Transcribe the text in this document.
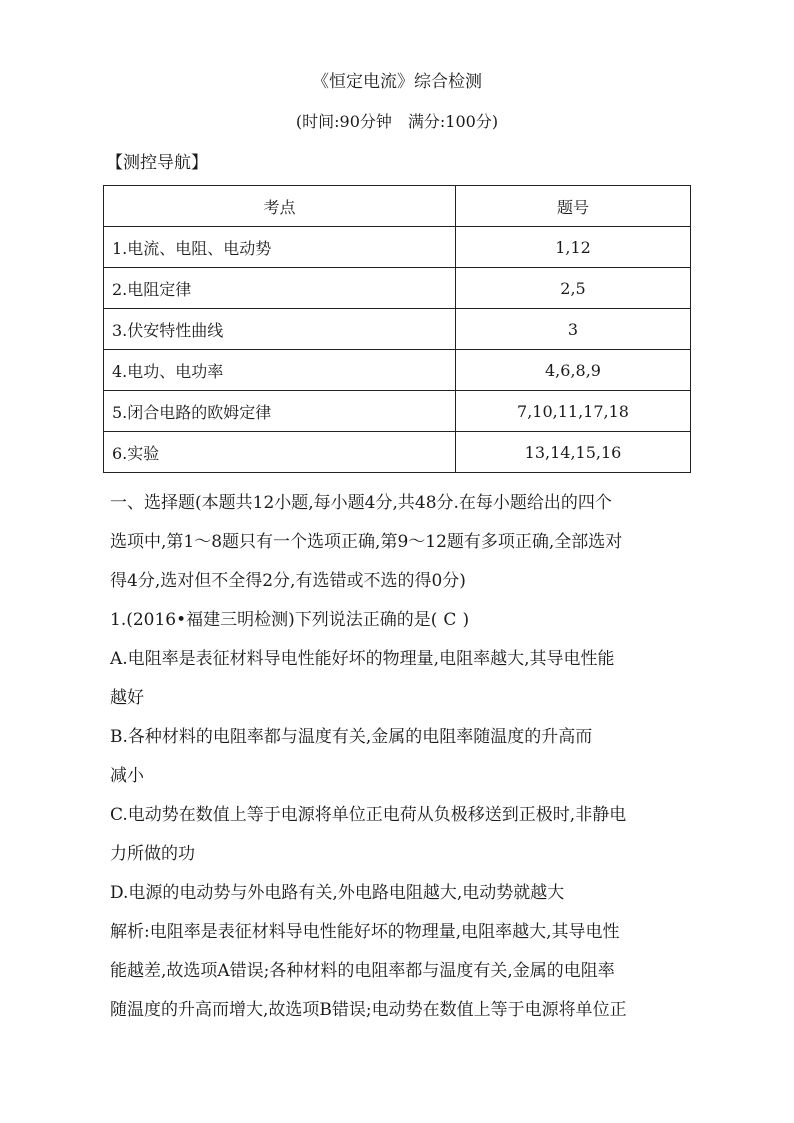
《恒定电流》综合检测
(时间:90分钟　满分:100分)
【测控导航】
考点	题号
1.电流、电阻、电动势	1,12
2.电阻定律	2,5
3.伏安特性曲线	3
4.电功、电功率	4,6,8,9
5.闭合电路的欧姆定律	7,10,11,17,18
6.实验	13,14,15,16

一、选择题(本题共12小题,每小题4分,共48分.在每小题给出的四个

选项中,第1～8题只有一个选项正确,第9～12题有多项正确,全部选对

得4分,选对但不全得2分,有选错或不选的得0分)

1.(2016•福建三明检测)下列说法正确的是( C )

A.电阻率是表征材料导电性能好坏的物理量,电阻率越大,其导电性能

越好

B.各种材料的电阻率都与温度有关,金属的电阻率随温度的升高而

减小

C.电动势在数值上等于电源将单位正电荷从负极移送到正极时,非静电

力所做的功

D.电源的电动势与外电路有关,外电路电阻越大,电动势就越大

解析:电阻率是表征材料导电性能好坏的物理量,电阻率越大,其导电性

能越差,故选项A错误;各种材料的电阻率都与温度有关,金属的电阻率

随温度的升高而增大,故选项B错误;电动势在数值上等于电源将单位正
